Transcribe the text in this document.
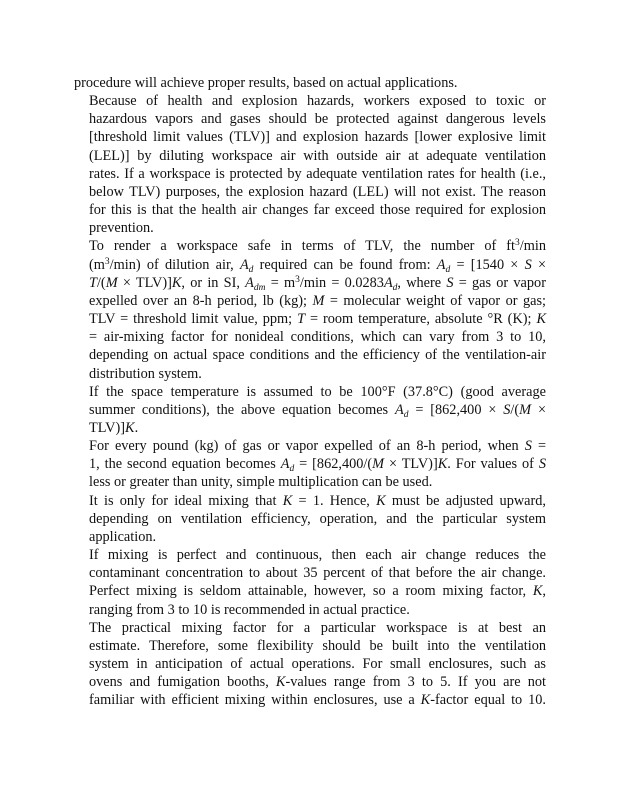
procedure will achieve proper results, based on actual applications.

Because of health and explosion hazards, workers exposed to toxic or
hazardous vapors and gases should be protected against dangerous levels
[threshold limit values (TLV)] and explosion hazards [lower explosive limit
(LEL)] by diluting workspace air with outside air at adequate ventilation
rates. If a workspace is protected by adequate ventilation rates for health (i.e.,
below TLV) purposes, the explosion hazard (LEL) will not exist. The reason
for this is that the health air changes far exceed those required for explosion
prevention.

To render a workspace safe in terms of TLV, the number of $ft^3/\min$
$(m^3/\min)$ of dilution air, $A_d$ required can be found from: $A_d = [1540 \times S$ ×
T/(M × TLV)]K, or in SI, $A_{dm} = m^3/\min = 0.0283A_d$, where S = gas or vapor
expelled over an 8-h period, lb (kg); M = molecular weight of vapor or gas;
TLV = threshold limit value, ppm; T = room temperature, absolute °R (K); K
= air-mixing factor for nonideal conditions, which can vary from 3 to 10,
depending on actual space conditions and the efficiency of the ventilation-air
distribution system.

If the space temperature is assumed to be 100°F (37.8°C) (good average
summer conditions), the above equation becomes $A_d = [862,400 \times S/(M$ ×
TLV)]K.

For every pound (kg) of gas or vapor expelled of an 8-h period, when S =
1, the second equation becomes $A_d = [862,400/(M \times TLV)]K$. For values of S
less or greater than unity, simple multiplication can be used.

It is only for ideal mixing that K = 1. Hence, K must be adjusted upward,
depending on ventilation efficiency, operation, and the particular system
application.

If mixing is perfect and continuous, then each air change reduces the
contaminant concentration to about 35 percent of that before the air change.
Perfect mixing is seldom attainable, however, so a room mixing factor, K,
ranging from 3 to 10 is recommended in actual practice.

The practical mixing factor for a particular workspace is at best an
estimate. Therefore, some flexibility should be built into the ventilation
system in anticipation of actual operations. For small enclosures, such as
ovens and fumigation booths, K-values range from 3 to 5. If you are not
familiar with efficient mixing within enclosures, use a K-factor equal to 10.
